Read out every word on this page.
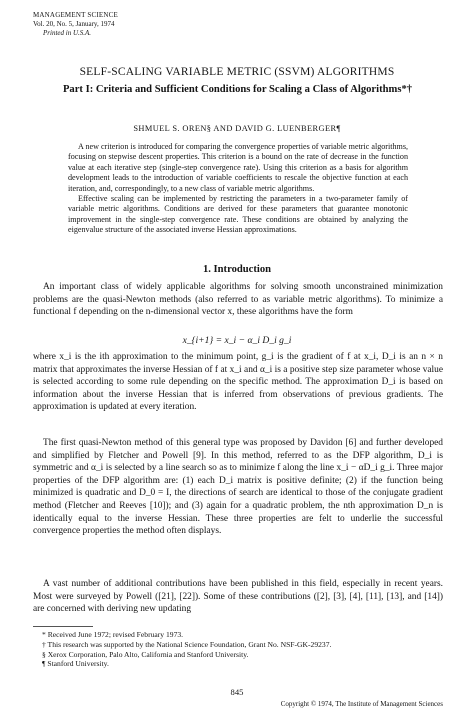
MANAGEMENT SCIENCE
Vol. 20, No. 5, January, 1974
Printed in U.S.A.
SELF-SCALING VARIABLE METRIC (SSVM) ALGORITHMS
Part I: Criteria and Sufficient Conditions for Scaling a Class of Algorithms*†
SHMUEL S. OREN§ AND DAVID G. LUENBERGER¶

A new criterion is introduced for comparing the convergence properties of variable metric algorithms, focusing on stepwise descent properties. This criterion is a bound on the rate of decrease in the function value at each iterative step (single-step convergence rate). Using this criterion as a basis for algorithm development leads to the introduction of variable coefficients to rescale the objective function at each iteration, and, correspondingly, to a new class of variable metric algorithms.

Effective scaling can be implemented by restricting the parameters in a two-parameter family of variable metric algorithms. Conditions are derived for these parameters that guarantee monotonic improvement in the single-step convergence rate. These conditions are obtained by analyzing the eigenvalue structure of the associated inverse Hessian approximations.

1. Introduction
An important class of widely applicable algorithms for solving smooth unconstrained minimization problems are the quasi-Newton methods (also referred to as variable metric algorithms). To minimize a functional f depending on the n-dimensional vector x, these algorithms have the form
x_{i+1} = x_i − α_i D_i g_i
where x_i is the ith approximation to the minimum point, g_i is the gradient of f at x_i, D_i is an n × n matrix that approximates the inverse Hessian of f at x_i and α_i is a positive step size parameter whose value is selected according to some rule depending on the specific method. The approximation D_i is based on information about the inverse Hessian that is inferred from observations of previous gradients. The approximation is updated at every iteration.
The first quasi-Newton method of this general type was proposed by Davidon [6] and further developed and simplified by Fletcher and Powell [9]. In this method, referred to as the DFP algorithm, D_i is symmetric and α_i is selected by a line search so as to minimize f along the line x_i − αD_i g_i. Three major properties of the DFP algorithm are: (1) each D_i matrix is positive definite; (2) if the function being minimized is quadratic and D_0 = I, the directions of search are identical to those of the conjugate gradient method (Fletcher and Reeves [10]); and (3) again for a quadratic problem, the nth approximation D_n is identically equal to the inverse Hessian. These three properties are felt to underlie the successful convergence properties the method often displays.
A vast number of additional contributions have been published in this field, especially in recent years. Most were surveyed by Powell ([21], [22]). Some of these contributions ([2], [3], [4], [11], [13], and [14]) are concerned with deriving new updating

* Received June 1972; revised February 1973.

† This research was supported by the National Science Foundation, Grant No. NSF-GK-29237.

§ Xerox Corporation, Palo Alto, California and Stanford University.

¶ Stanford University.

845
Copyright © 1974, The Institute of Management Sciences
